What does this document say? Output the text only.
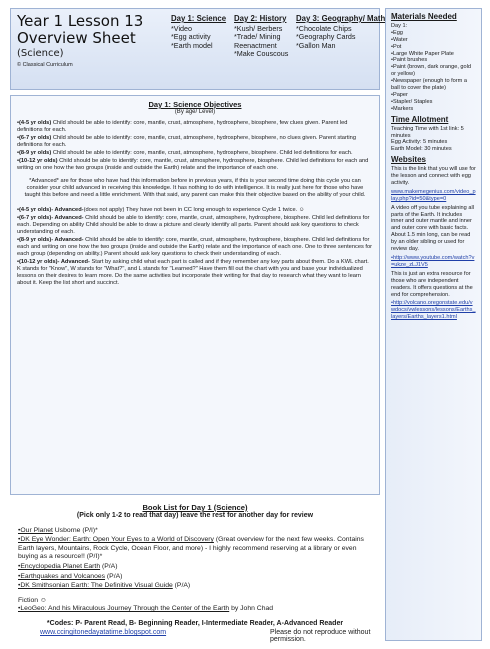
Year 1 Lesson 13
Overview Sheet
(Science)
© Classical Curriculum
Day 1: Science
*Video
*Egg activity
*Earth model
Day 2: History
*Kush/ Berbers
*Trade/ Mining
Reenactment
*Make Couscous
Day 3: Geography/ Math
*Chocolate Chips
*Geography Cards
*Gallon Man
Day 1: Science Objectives
(By age/ Level)
•(4-5 yr olds) Child should be able to identify: core, mantle, crust, atmosphere, hydrosphere, biosphere, few clues given. Parent led definitions for each.
•(6-7 yr olds) Child should be able to identify: core, mantle, crust, atmosphere, hydrosphere, biosphere, no clues given. Parent starting definitions for each.
•(8-9 yr olds) Child should be able to identify: core, mantle, crust, atmosphere, hydrosphere, biosphere. Child led definitions for each.
•(10-12 yr olds) Child should be able to identify: core, mantle, crust, atmosphere, hydrosphere, biosphere. Child led definitions for each and writing on one how the two groups (inside and outside the Earth) relate and the importance of each one.
*Advanced* are for those who have had this information before in previous years, if this is your second time doing this cycle you can consider your child advanced in receiving this knowledge. It has nothing to do with intelligence. It is really just here for those who have taught this before and need a little enrichment. With that said, any parent can make this their objective based on the ability of your child.
•(4-5 yr olds)- Advanced-(does not apply) They have not been in CC long enough to experience Cycle 1 twice. ☺
•(6-7 yr olds)- Advanced- Child should be able to identify: core, mantle, crust, atmosphere, hydrosphere, biosphere. Child led definitions for each. Depending on ability Child should be able to draw a picture and clearly identify all parts. Parent should ask key questions to check understanding of each.
•(8-9 yr olds)- Advanced- Child should be able to identify: core, mantle, crust, atmosphere, hydrosphere, biosphere. Child led definitions for each and writing on one how the two groups (inside and outside the Earth) relate and the importance of each one. One to three sentences for each group (depending on ability.) Parent should ask key questions to check their understanding of each.
•(10-12 yr olds)- Advanced- Start by asking child what each part is called and if they remember any key parts about them. Do a KWL chart. K stands for "Know", W stands for "What?", and L stands for "Learned?" Have them fill out the chart with you and base your individualized lessons on their desires to learn more. Do the same activities but incorporate their writing for that day to research what they want to learn about it. Keep the list short and succinct.
Book List for Day 1 (Science)
(Pick only 1-2 to read that day) leave the rest for another day for review
•Our Planet Usborne (P/I)*
•DK Eye Wonder: Earth: Open Your Eyes to a World of Discovery (Great overview for the next few weeks. Contains Earth layers, Mountains, Rock Cycle, Ocean Floor, and more) - I highly recommend reserving at a library or even buying as a resource!! (P/I)*
•Encyclopedia Planet Earth (P/A)
•Earthquakes and Volcanoes (P/A)
•DK Smithsonian Earth: The Definitive Visual Guide (P/A)
Fiction ☺
•LeoGeo: And his Miraculous Journey Through the Center of the Earth by John Chad
*Codes: P- Parent Read, B- Beginning Reader, I-Intermediate Reader, A-Advanced Reader
www.ccingitonedayatatime.blogspot.com	Please do not reproduce without permission.
Materials Needed
Day 1:
•Egg
•Water
•Pot
•Large White Paper Plate
•Paint brushes
•Paint (brown, dark orange, gold or yellow)
•Newspaper (enough to form a ball to cover the plate)
•Paper
•Stapler/ Staples
•Markers
Time Allotment
Teaching Time with 1st link: 5 minutes
Egg Activity: 5 minutes
Earth Model: 30 minutes
Websites
This is the link that you will use for the lesson and connect with egg activity.
www.makemegenius.com/video_play.php?id=50&type=0
A video off you tube explaining all parts of the Earth. It includes inner and outer mantle and inner and outer core with basic facts. About 1.5 min long, can be read by an older sibling or used for review day.
•http://www.youtube.com/watch?v=ukze_zLJ1V5
This is just an extra resource for those who are independent readers. It offers questions at the end for comprehension.
•http://volcano.oregonstate.edu/vwdocs/vwlessons/lessons/Earths_layers/Earths_layers1.html
